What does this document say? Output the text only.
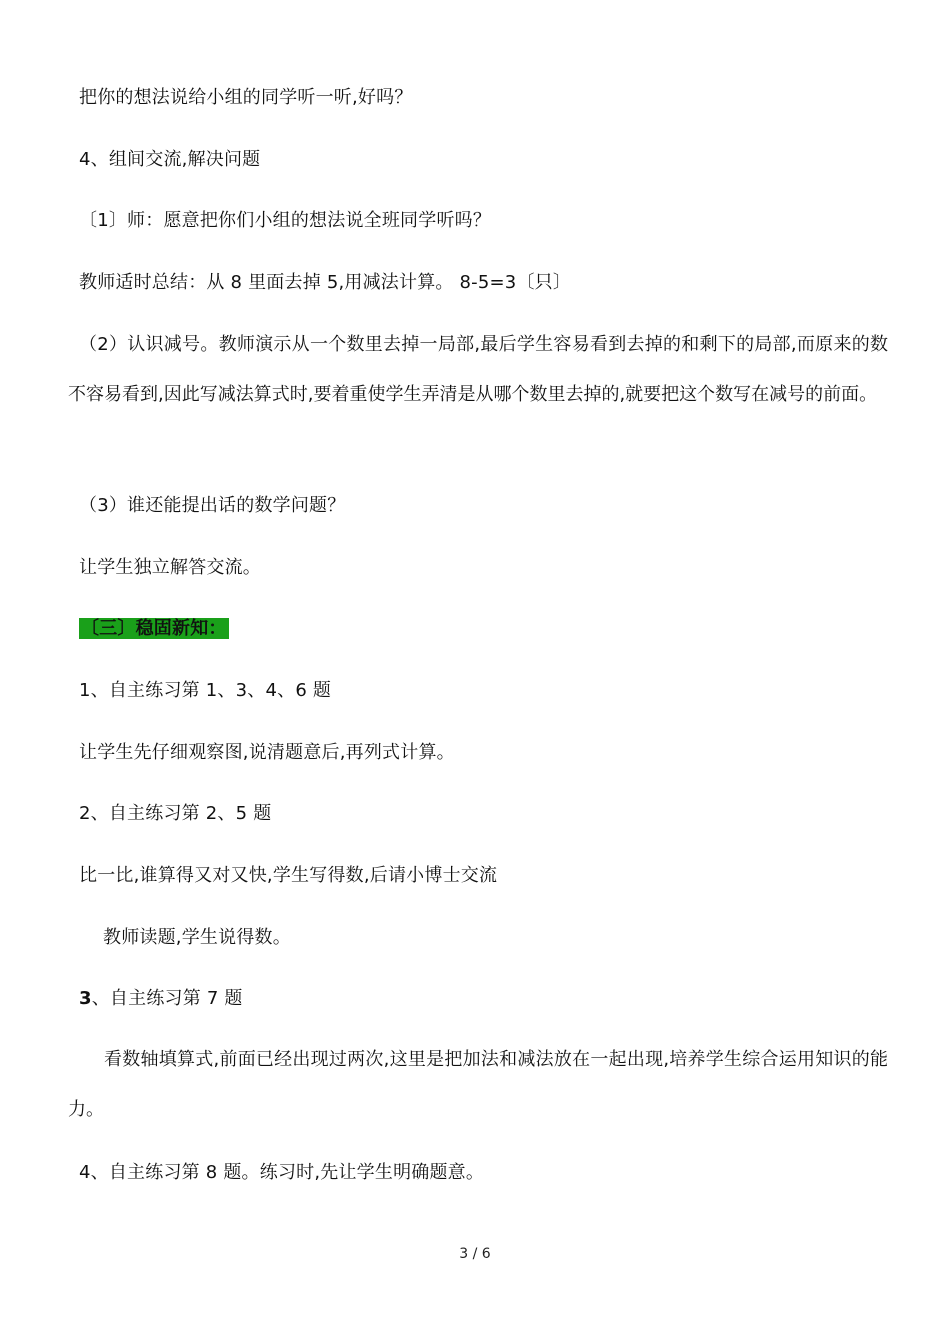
把你的想法说给小组的同学听一听,好吗？
4、组间交流,解决问题
〔1〕师：愿意把你们小组的想法说全班同学听吗？
教师适时总结：从 8 里面去掉 5,用减法计算。 8-5=3〔只〕
（2）认识减号。教师演示从一个数里去掉一局部,最后学生容易看到去掉的和剩下的局部,而原来的数不容易看到,因此写减法算式时,要着重使学生弄清是从哪个数里去掉的,就要把这个数写在减号的前面。
（3）谁还能提出话的数学问题？
让学生独立解答交流。
〔三〕稳固新知：
1、自主练习第 1、3、4、6 题
让学生先仔细观察图,说清题意后,再列式计算。
2、自主练习第 2、5 题
比一比,谁算得又对又快,学生写得数,后请小博士交流
教师读题,学生说得数。
3、自主练习第 7 题
看数轴填算式,前面已经出现过两次,这里是把加法和减法放在一起出现,培养学生综合运用知识的能力。
4、自主练习第 8 题。练习时,先让学生明确题意。
3 / 6
